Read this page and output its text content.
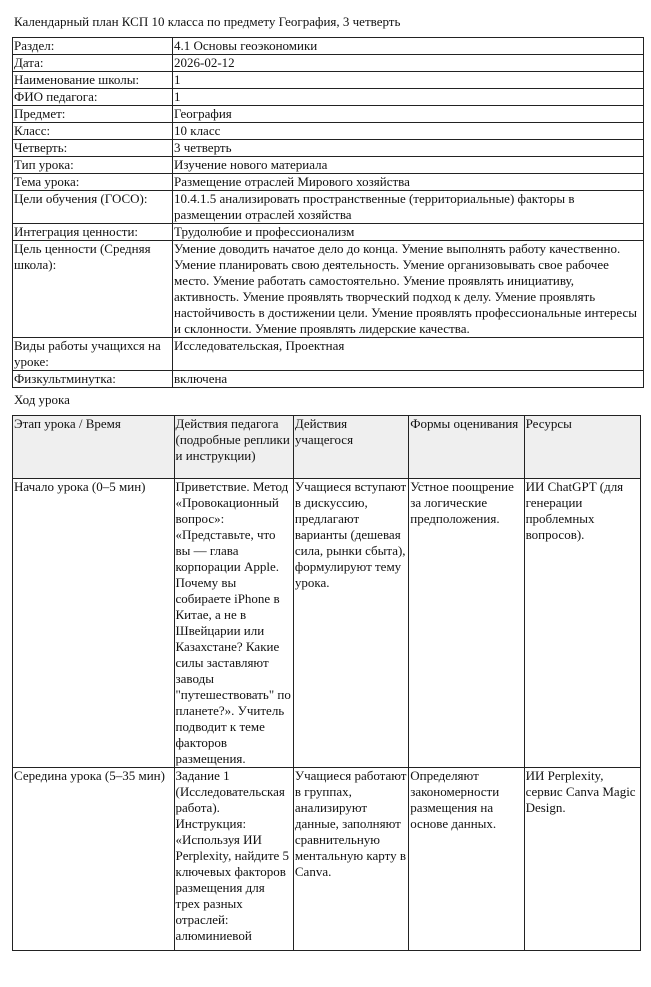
Календарный план КСП 10 класса по предмету География, 3 четверть
Раздел:	4.1 Основы геоэкономики
Дата:	2026-02-12
Наименование школы:	1
ФИО педагога:	1
Предмет:	География
Класс:	10 класс
Четверть:	3 четверть
Тип урока:	Изучение нового материала
Тема урока:	Размещение отраслей Мирового хозяйства
Цели обучения (ГОСО):	10.4.1.5 анализировать пространственные (территориальные) факторы в размещении отраслей хозяйства
Интеграция ценности:	Трудолюбие и профессионализм
Цель ценности (Средняя школа):	Умение доводить начатое дело до конца. Умение выполнять работу качественно. Умение планировать свою деятельность. Умение организовывать свое рабочее место. Умение работать самостоятельно. Умение проявлять инициативу, активность. Умение проявлять творческий подход к делу. Умение проявлять настойчивость в достижении цели. Умение проявлять профессиональные интересы и склонности. Умение проявлять лидерские качества.
Виды работы учащихся на уроке:	Исследовательская, Проектная
Физкультминутка:	включена
Ход урока
Этап урока / Время	Действия педагога (подробные реплики и инструкции)	Действия учащегося	Формы оценивания	Ресурсы
Начало урока (0–5 мин)	Приветствие. Метод «Провокационный вопрос»: «Представьте, что вы — глава корпорации Apple. Почему вы собираете iPhone в Китае, а не в Швейцарии или Казахстане? Какие силы заставляют заводы "путешествовать" по планете?». Учитель подводит к теме факторов размещения.	Учащиеся вступают в дискуссию, предлагают варианты (дешевая сила, рынки сбыта), формулируют тему урока.	Устное поощрение за логические предположения.	ИИ ChatGPT (для генерации проблемных вопросов).
Середина урока (5–35 мин)	Задание 1 (Исследовательская работа). Инструкция: «Используя ИИ Perplexity, найдите 5 ключевых факторов размещения для трех разных отраслей: алюминиевой	Учащиеся работают в группах, анализируют данные, заполняют сравнительную ментальную карту в Canva.	Определяют закономерности размещения на основе данных.	ИИ Perplexity, сервис Canva Magic Design.
